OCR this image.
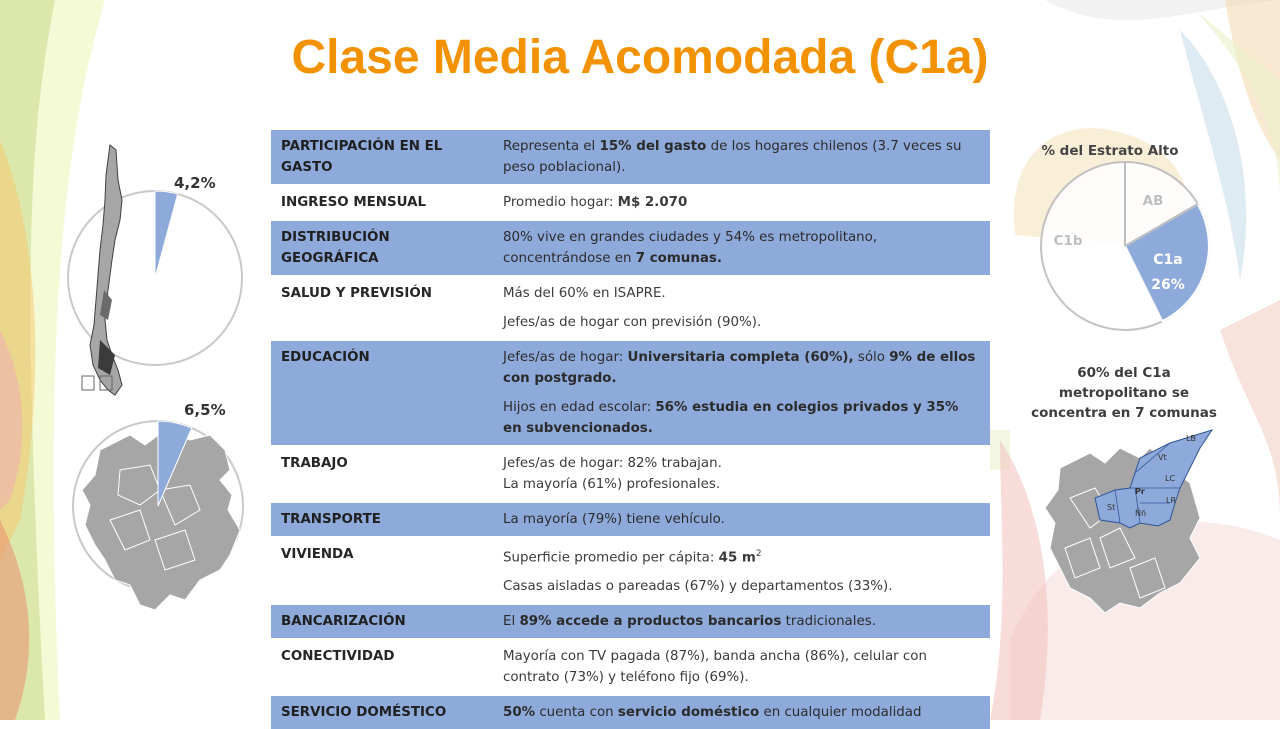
Clase Media Acomodada (C1a)
PARTICIPACIÓN EN EL GASTO	Representa el 15% del gasto de los hogares chilenos (3.7 veces su peso poblacional).

INGRESO MENSUAL	Promedio hogar: M$ 2.070

DISTRIBUCIÓN GEOGRÁFICA	80% vive en grandes ciudades y 54% es metropolitano, concentrándose en 7 comunas.

SALUD Y PREVISIÓN	Más del 60% en ISAPRE.
Jefes/as de hogar con previsión (90%).

EDUCACIÓN	Jefes/as de hogar: Universitaria completa (60%), sólo 9% de ellos con postgrado.
Hijos en edad escolar: 56% estudia en colegios privados y 35% en subvencionados.

TRABAJO	Jefes/as de hogar: 82% trabajan.
La mayoría (61%) profesionales.

TRANSPORTE	La mayoría (79%) tiene vehículo.

VIVIENDA	Superficie promedio per cápita: 45 $m^2$
Casas aisladas o pareadas (67%) y departamentos (33%).

BANCARIZACIÓN	El 89% accede a productos bancarios tradicionales.

CONECTIVIDAD	Mayoría con TV pagada (87%), banda ancha (86%), celular con contrato (73%) y teléfono fijo (69%).

SERVICIO DOMÉSTICO	50% cuenta con servicio doméstico en cualquier modalidad
4,2%
6,5%
% del Estrato Alto
AB
C1b
C1a
26%
60% del C1a metropolitano se concentra en 7 comunas
LB
Vt
LC
Pr
LR
St
Ññ
